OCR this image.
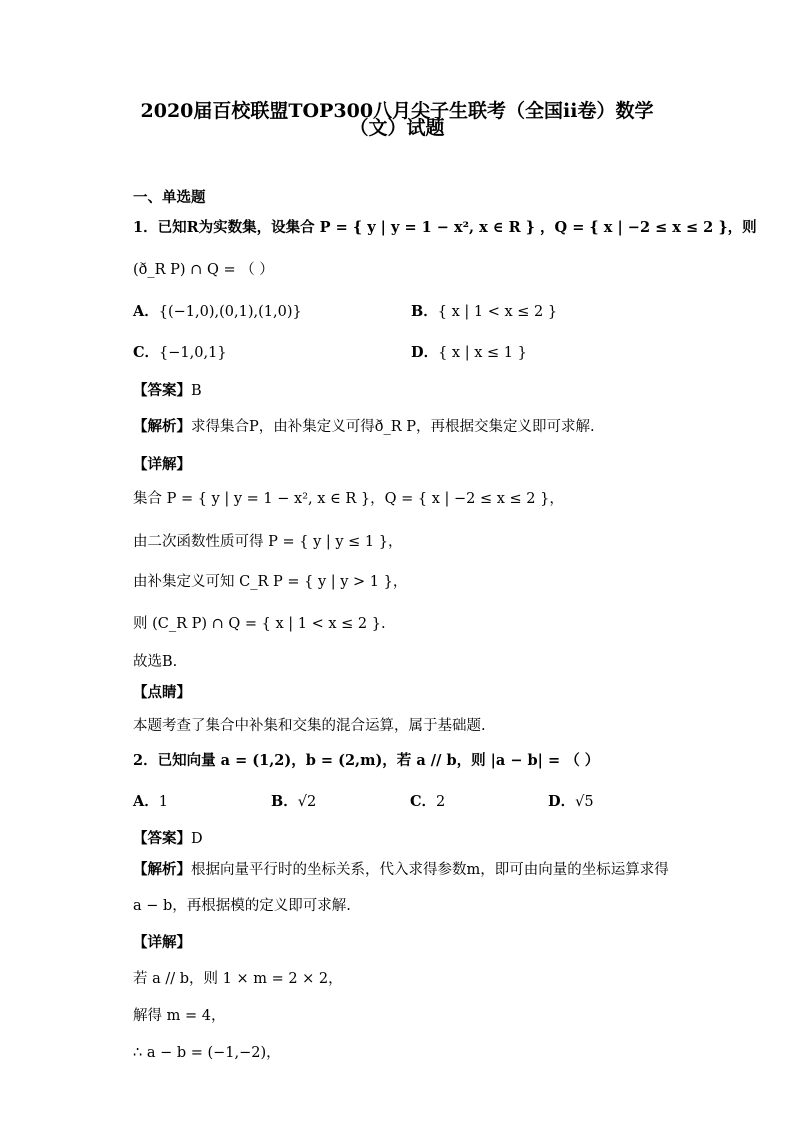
2020届百校联盟TOP300八月尖子生联考（全国ii卷）数学
（文）试题
一、单选题
1．已知R为实数集，设集合 P = { y | y = 1 − x², x ∈ R } ，Q = { x | −2 ≤ x ≤ 2 }，则
(ð_R P) ∩ Q = （ ）
A．{(−1,0),(0,1),(1,0)}	B．{ x | 1 < x ≤ 2 }
C．{−1,0,1}	D．{ x | x ≤ 1 }
【答案】B
【解析】求得集合P，由补集定义可得ð_R P，再根据交集定义即可求解.
【详解】
集合 P = { y | y = 1 − x², x ∈ R }，Q = { x | −2 ≤ x ≤ 2 }，
由二次函数性质可得 P = { y | y ≤ 1 }，
由补集定义可知 C_R P = { y | y > 1 }，
则 (C_R P) ∩ Q = { x | 1 < x ≤ 2 }.
故选B.
【点睛】
本题考查了集合中补集和交集的混合运算，属于基础题.
2．已知向量 a = (1,2)，b = (2,m)，若 a // b，则 |a − b| = （ ）
A．1	B．√2	C．2	D．√5
【答案】D
【解析】根据向量平行时的坐标关系，代入求得参数m，即可由向量的坐标运算求得
a − b，再根据模的定义即可求解.
【详解】
若 a // b，则 1 × m = 2 × 2，
解得 m = 4，
∴ a − b = (−1,−2)，
